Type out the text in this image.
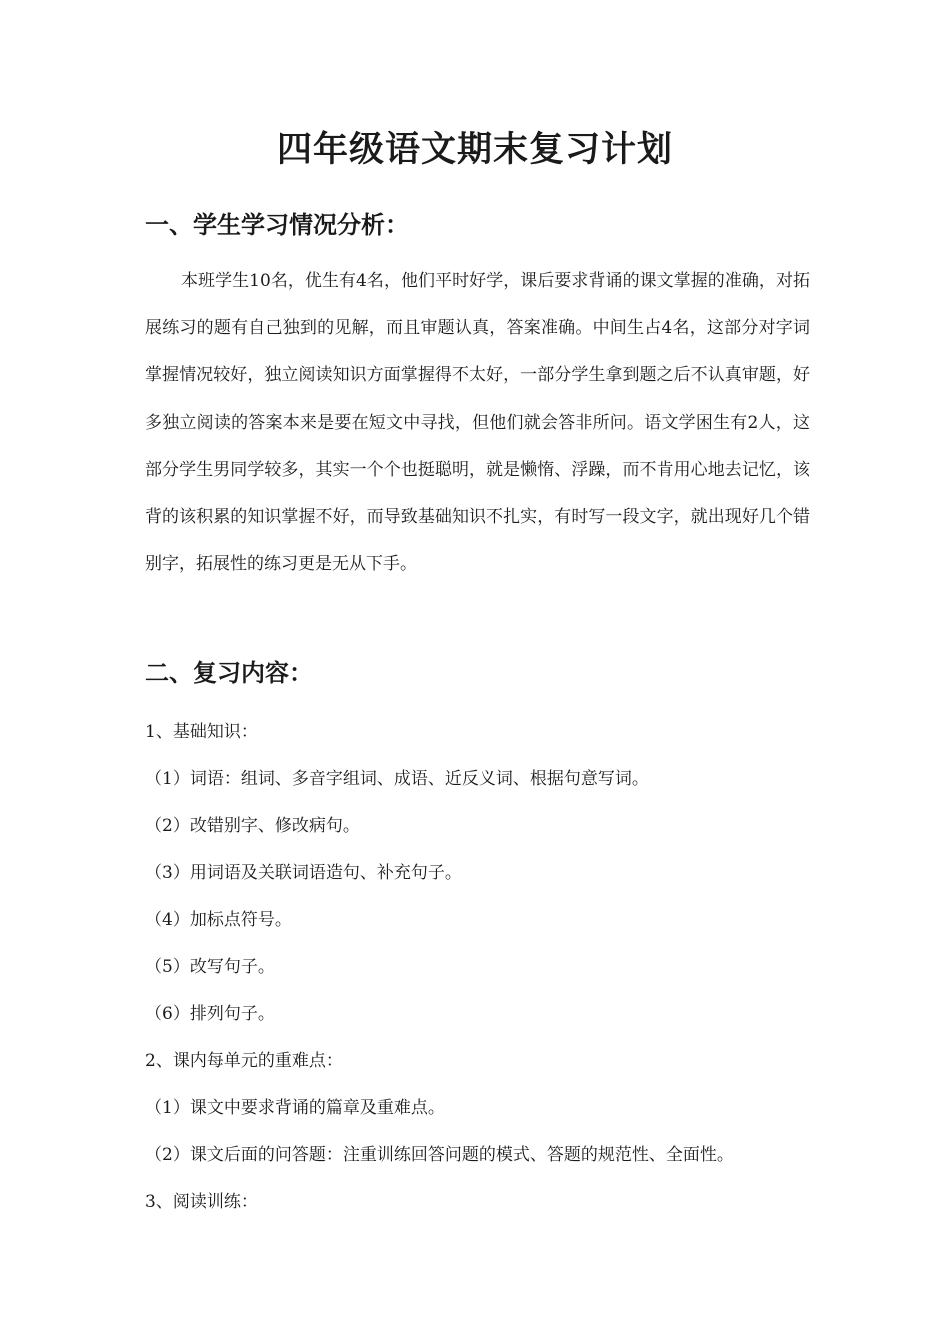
四年级语文期末复习计划
一、学生学习情况分析：

本班学生10名，优生有4名，他们平时好学，课后要求背诵的课文掌握的准确，对拓展练习的题有自己独到的见解，而且审题认真，答案准确。中间生占4名，这部分对字词掌握情况较好，独立阅读知识方面掌握得不太好，一部分学生拿到题之后不认真审题，好多独立阅读的答案本来是要在短文中寻找，但他们就会答非所问。语文学困生有2人，这部分学生男同学较多，其实一个个也挺聪明，就是懒惰、浮躁，而不肯用心地去记忆，该背的该积累的知识掌握不好，而导致基础知识不扎实，有时写一段文字，就出现好几个错别字，拓展性的练习更是无从下手。

二、复习内容：

1、基础知识：

（1）词语：组词、多音字组词、成语、近反义词、根据句意写词。

（2）改错别字、修改病句。

（3）用词语及关联词语造句、补充句子。

（4）加标点符号。

（5）改写句子。

（6）排列句子。

2、课内每单元的重难点：

（1）课文中要求背诵的篇章及重难点。

（2）课文后面的问答题：注重训练回答问题的模式、答题的规范性、全面性。

3、阅读训练：
